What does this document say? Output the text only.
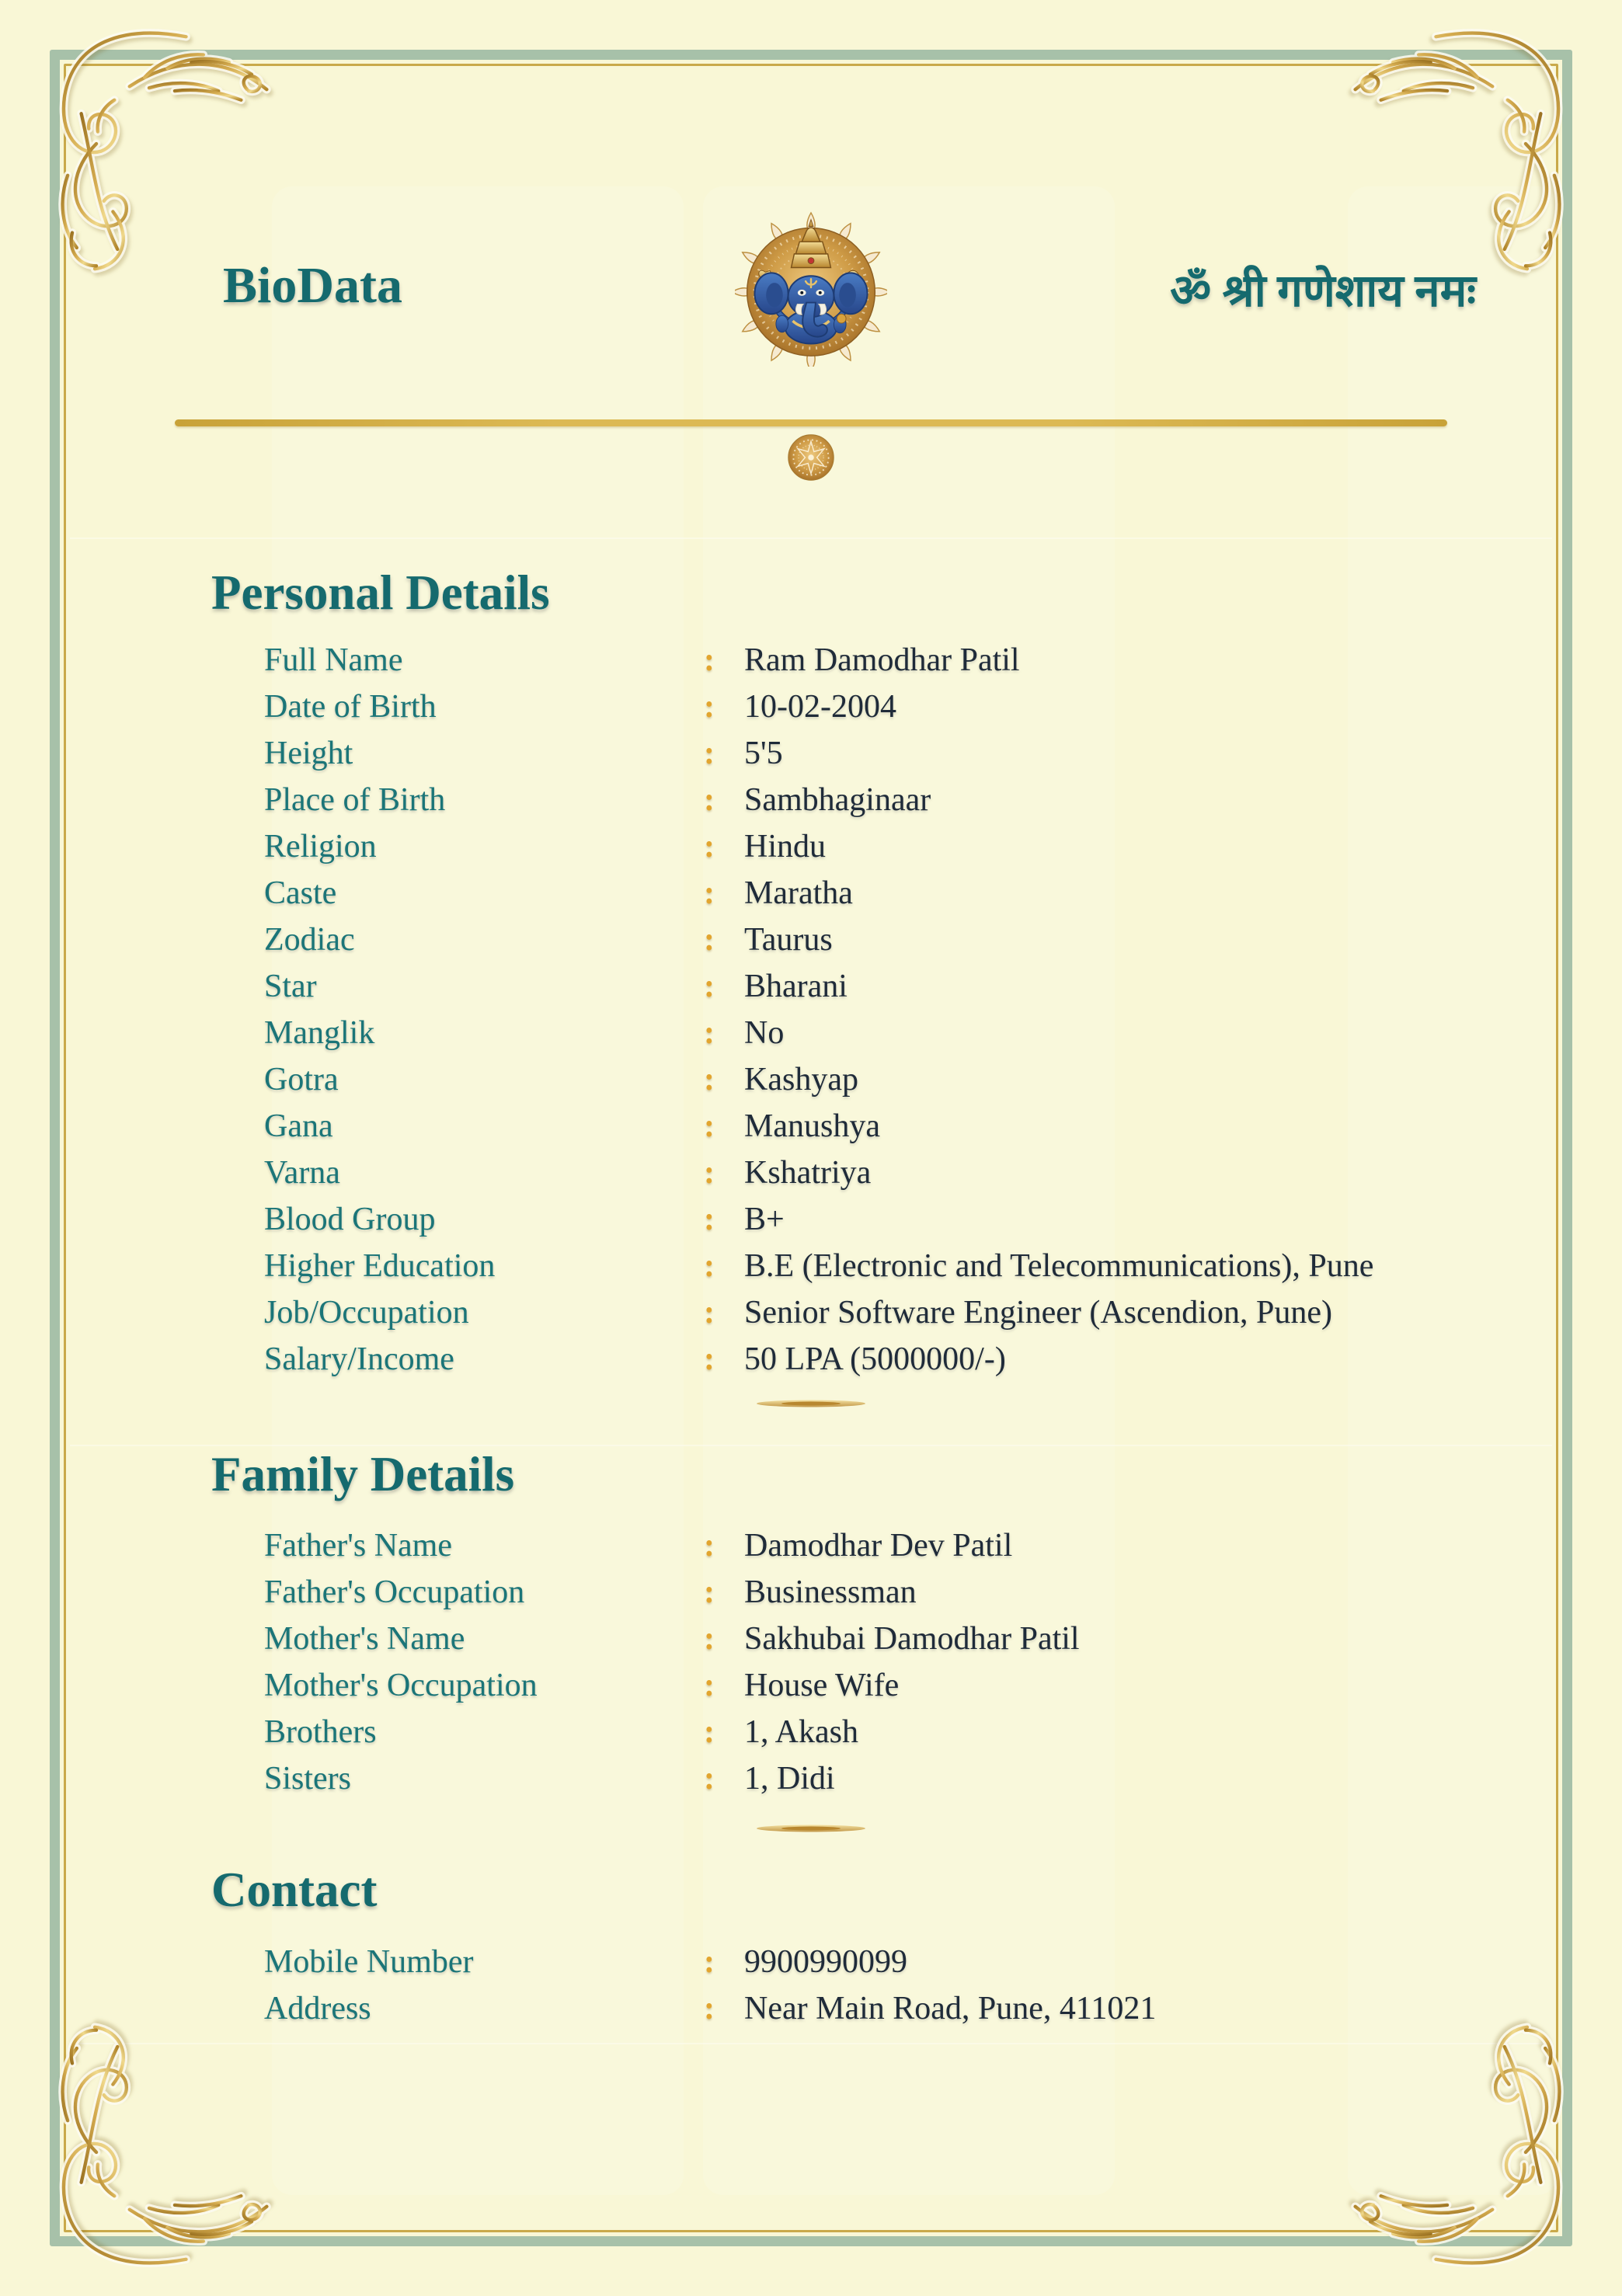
BioData	ॐ श्री गणेशाय नमः
Personal Details
Full Name	: Ram Damodhar Patil
Date of Birth	: 10-02-2004
Height	: 5'5
Place of Birth	: Sambhaginaar
Religion	: Hindu
Caste	: Maratha
Zodiac	: Taurus
Star	: Bharani
Manglik	: No
Gotra	: Kashyap
Gana	: Manushya
Varna	: Kshatriya
Blood Group	: B+
Higher Education	: B.E (Electronic and Telecommunications), Pune
Job/Occupation	: Senior Software Engineer (Ascendion, Pune)
Salary/Income	: 50 LPA (5000000/-)
Family Details
Father's Name	: Damodhar Dev Patil
Father's Occupation	: Businessman
Mother's Name	: Sakhubai Damodhar Patil
Mother's Occupation	: House Wife
Brothers	: 1, Akash
Sisters	: 1, Didi
Contact
Mobile Number	: 9900990099
Address	: Near Main Road, Pune, 411021
